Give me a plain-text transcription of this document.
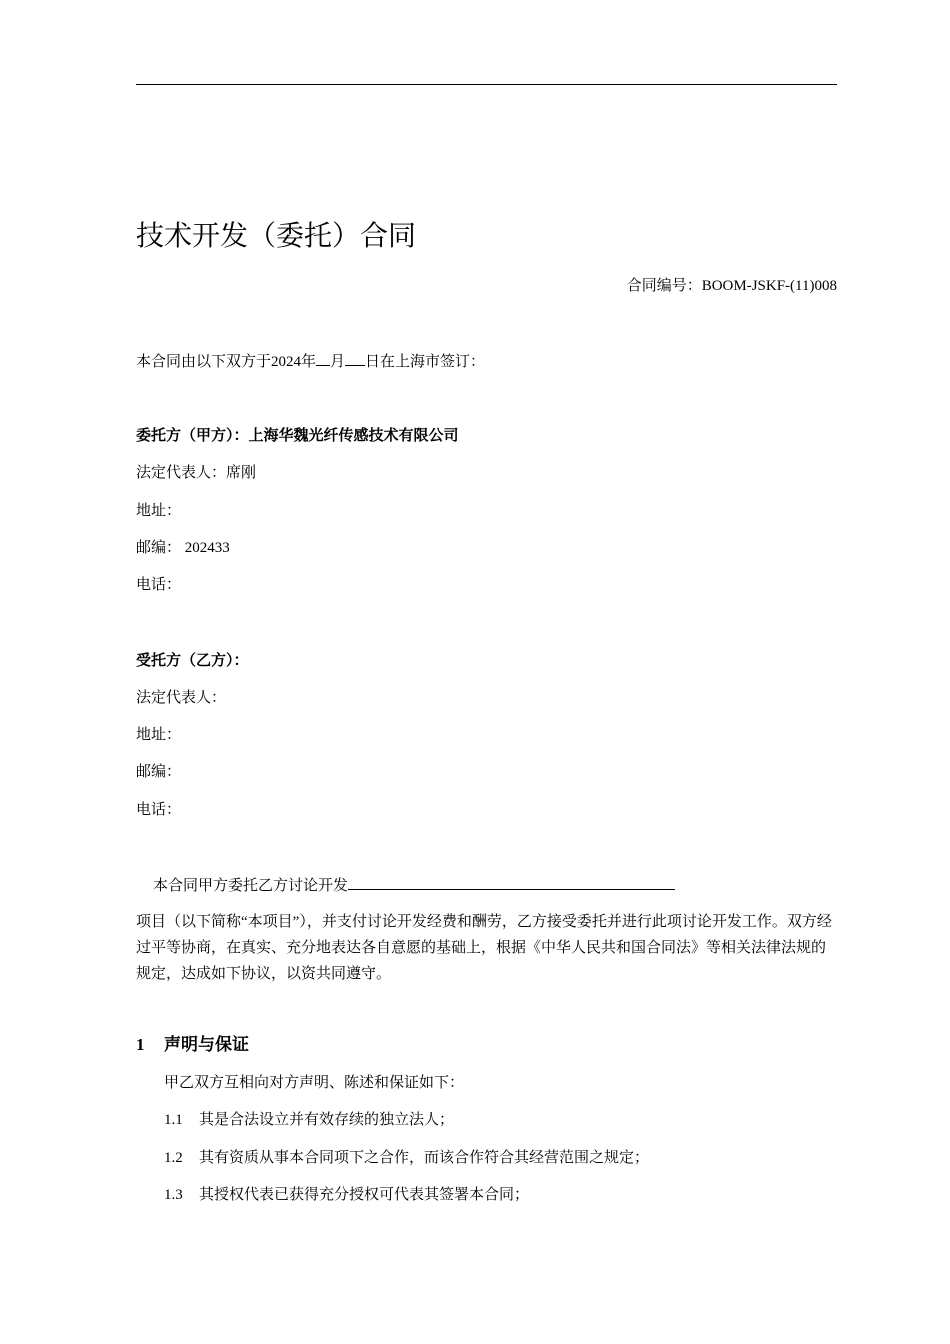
技术开发（委托）合同
合同编号：BOOM-JSKF-(11)008
本合同由以下双方于2024年 月 日在上海市签订：
委托方（甲方）：上海华魏光纤传感技术有限公司
法定代表人：席刚
地址：
邮编： 202433
电话：
受托方（乙方）：
法定代表人：
地址：
邮编：
电话：
本合同甲方委托乙方讨论开发
项目（以下简称“本项目”），并支付讨论开发经费和酬劳，乙方接受委托并进行此项讨论开发工作。双方经过平等协商，在真实、充分地表达各自意愿的基础上，根据《中华人民共和国合同法》等相关法律法规的规定，达成如下协议，以资共同遵守。
1 声明与保证
甲乙双方互相向对方声明、陈述和保证如下：
1.1 其是合法设立并有效存续的独立法人；
1.2 其有资质从事本合同项下之合作，而该合作符合其经营范围之规定；
1.3 其授权代表已获得充分授权可代表其签署本合同；
